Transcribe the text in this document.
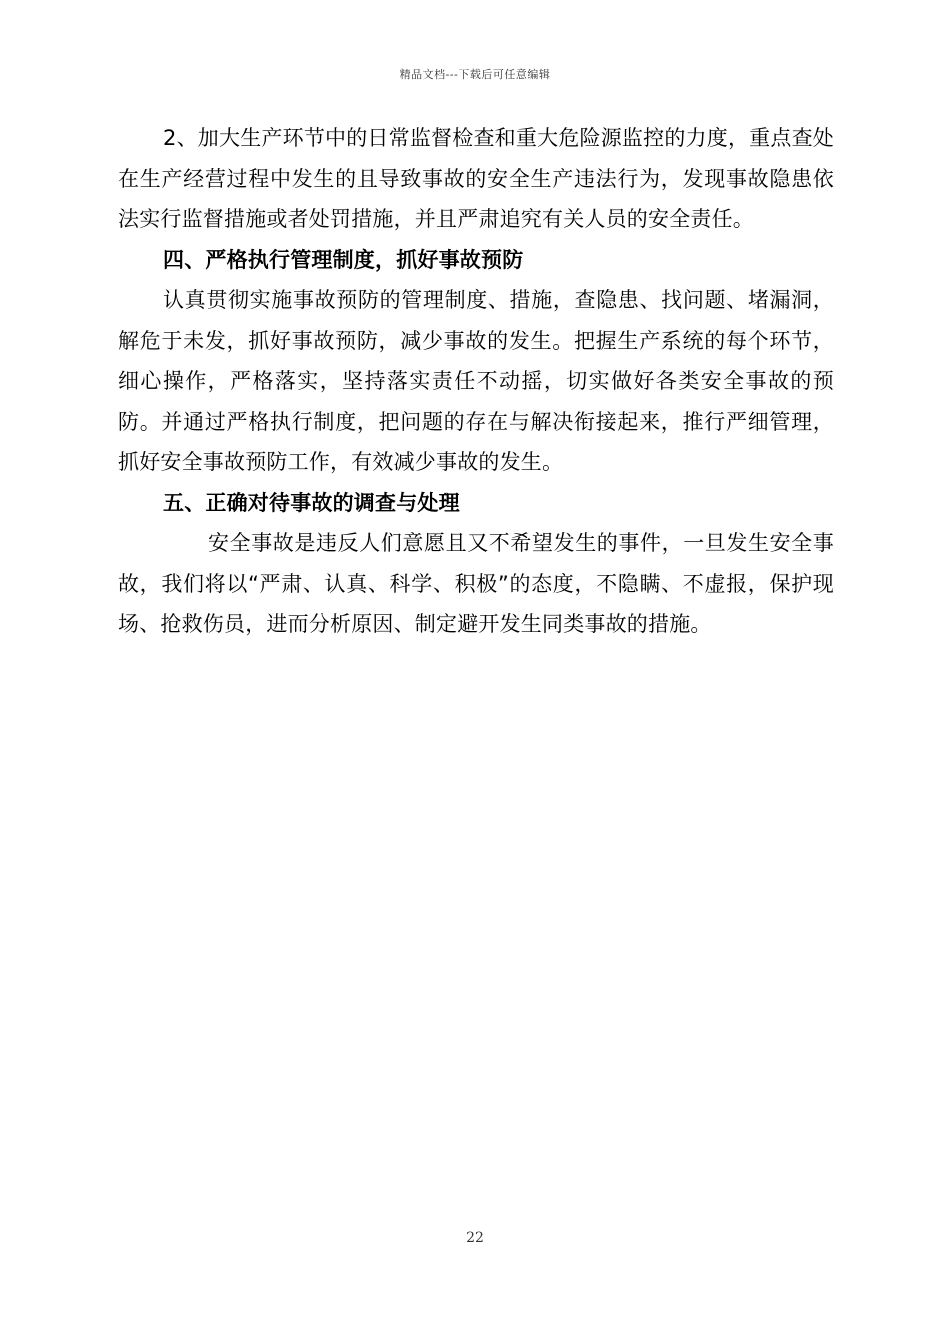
精品文档---下载后可任意编辑

2、加大生产环节中的日常监督检查和重大危险源监控的力度，重点查处在生产经营过程中发生的且导致事故的安全生产违法行为，发现事故隐患依法实行监督措施或者处罚措施，并且严肃追究有关人员的安全责任。

四、严格执行管理制度，抓好事故预防

认真贯彻实施事故预防的管理制度、措施，查隐患、找问题、堵漏洞，解危于未发，抓好事故预防，减少事故的发生。把握生产系统的每个环节，细心操作，严格落实，坚持落实责任不动摇，切实做好各类安全事故的预防。并通过严格执行制度，把问题的存在与解决衔接起来，推行严细管理，抓好安全事故预防工作，有效减少事故的发生。

五、正确对待事故的调查与处理

安全事故是违反人们意愿且又不希望发生的事件，一旦发生安全事故，我们将以“严肃、认真、科学、积极”的态度，不隐瞒、不虚报，保护现场、抢救伤员，进而分析原因、制定避开发生同类事故的措施。

22
